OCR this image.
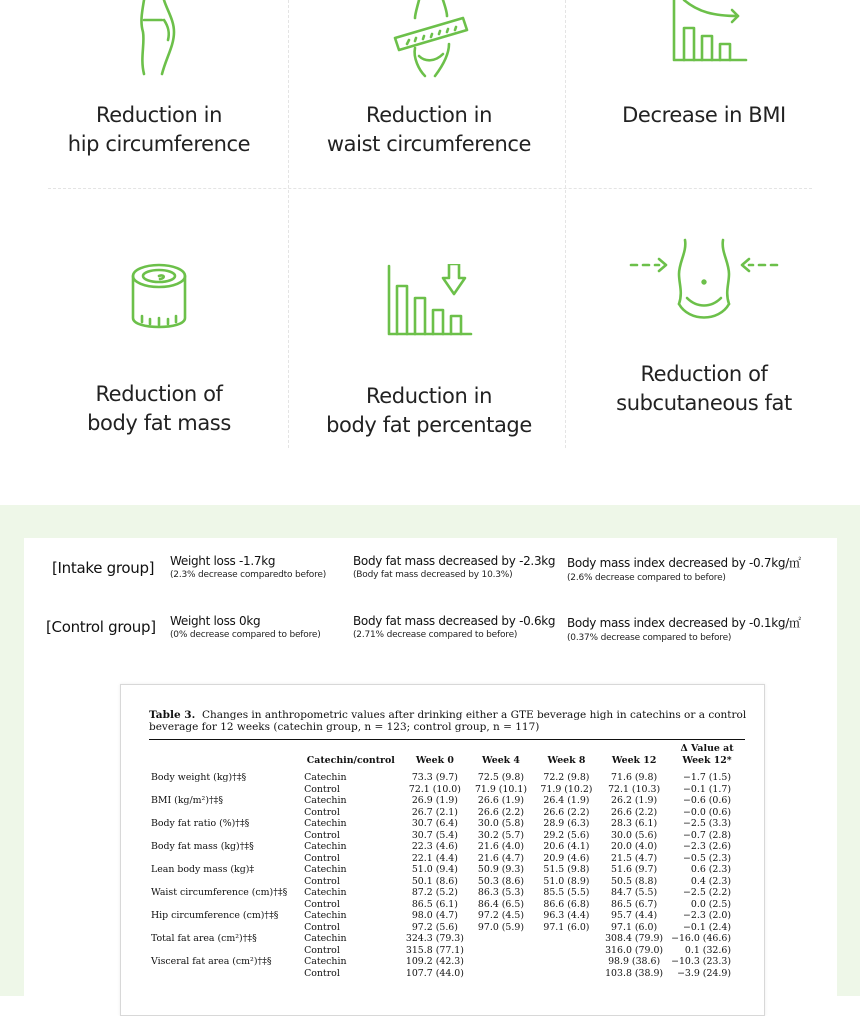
Reduction in
hip circumference
Reduction in
waist circumference
Decrease in BMI
Reduction of
body fat mass
Reduction in
body fat percentage
Reduction of
subcutaneous fat
[Intake group] Weight loss -1.7kg
(2.3% decrease comparedto before)
Body fat mass decreased by -2.3kg
(Body fat mass decreased by 10.3%)
Body mass index decreased by -0.7kg/㎡
(2.6% decrease compared to before)
[Control group] Weight loss 0kg
(0% decrease compared to before)
Body fat mass decreased by -0.6kg
(2.71% decrease compared to before)
Body mass index decreased by -0.1kg/㎡
(0.37% decrease compared to before)
Table 3. Changes in anthropometric values after drinking either a GTE beverage high in catechins or a control beverage for 12 weeks (catechin group, n = 123; control group, n = 117)
	Catechin/control	Week 0	Week 4	Week 8	Week 12	Δ Value at Week 12*
Body weight (kg)†‡§	Catechin	73.3 (9.7)	72.5 (9.8)	72.2 (9.8)	71.6 (9.8)	−1.7 (1.5)
	Control	72.1 (10.0)	71.9 (10.1)	71.9 (10.2)	72.1 (10.3)	−0.1 (1.7)
BMI (kg/m²)†‡§	Catechin	26.9 (1.9)	26.6 (1.9)	26.4 (1.9)	26.2 (1.9)	−0.6 (0.6)
	Control	26.7 (2.1)	26.6 (2.2)	26.6 (2.2)	26.6 (2.2)	−0.0 (0.6)
Body fat ratio (%)†‡§	Catechin	30.7 (6.4)	30.0 (5.8)	28.9 (6.3)	28.3 (6.1)	−2.5 (3.3)
	Control	30.7 (5.4)	30.2 (5.7)	29.2 (5.6)	30.0 (5.6)	−0.7 (2.8)
Body fat mass (kg)†‡§	Catechin	22.3 (4.6)	21.6 (4.0)	20.6 (4.1)	20.0 (4.0)	−2.3 (2.6)
	Control	22.1 (4.4)	21.6 (4.7)	20.9 (4.6)	21.5 (4.7)	−0.5 (2.3)
Lean body mass (kg)‡	Catechin	51.0 (9.4)	50.9 (9.3)	51.5 (9.8)	51.6 (9.7)	0.6 (2.3)
	Control	50.1 (8.6)	50.3 (8.6)	51.0 (8.9)	50.5 (8.8)	0.4 (2.3)
Waist circumference (cm)†‡§	Catechin	87.2 (5.2)	86.3 (5.3)	85.5 (5.5)	84.7 (5.5)	−2.5 (2.2)
	Control	86.5 (6.1)	86.4 (6.5)	86.6 (6.8)	86.5 (6.7)	0.0 (2.5)
Hip circumference (cm)†‡§	Catechin	98.0 (4.7)	97.2 (4.5)	96.3 (4.4)	95.7 (4.4)	−2.3 (2.0)
	Control	97.2 (5.6)	97.0 (5.9)	97.1 (6.0)	97.1 (6.0)	−0.1 (2.4)
Total fat area (cm²)†‡§	Catechin	324.3 (79.3)			308.4 (79.9)	−16.0 (46.6)
	Control	315.8 (77.1)			316.0 (79.0)	0.1 (32.6)
Visceral fat area (cm²)†‡§	Catechin	109.2 (42.3)			98.9 (38.6)	−10.3 (23.3)
	Control	107.7 (44.0)			103.8 (38.9)	−3.9 (24.9)
